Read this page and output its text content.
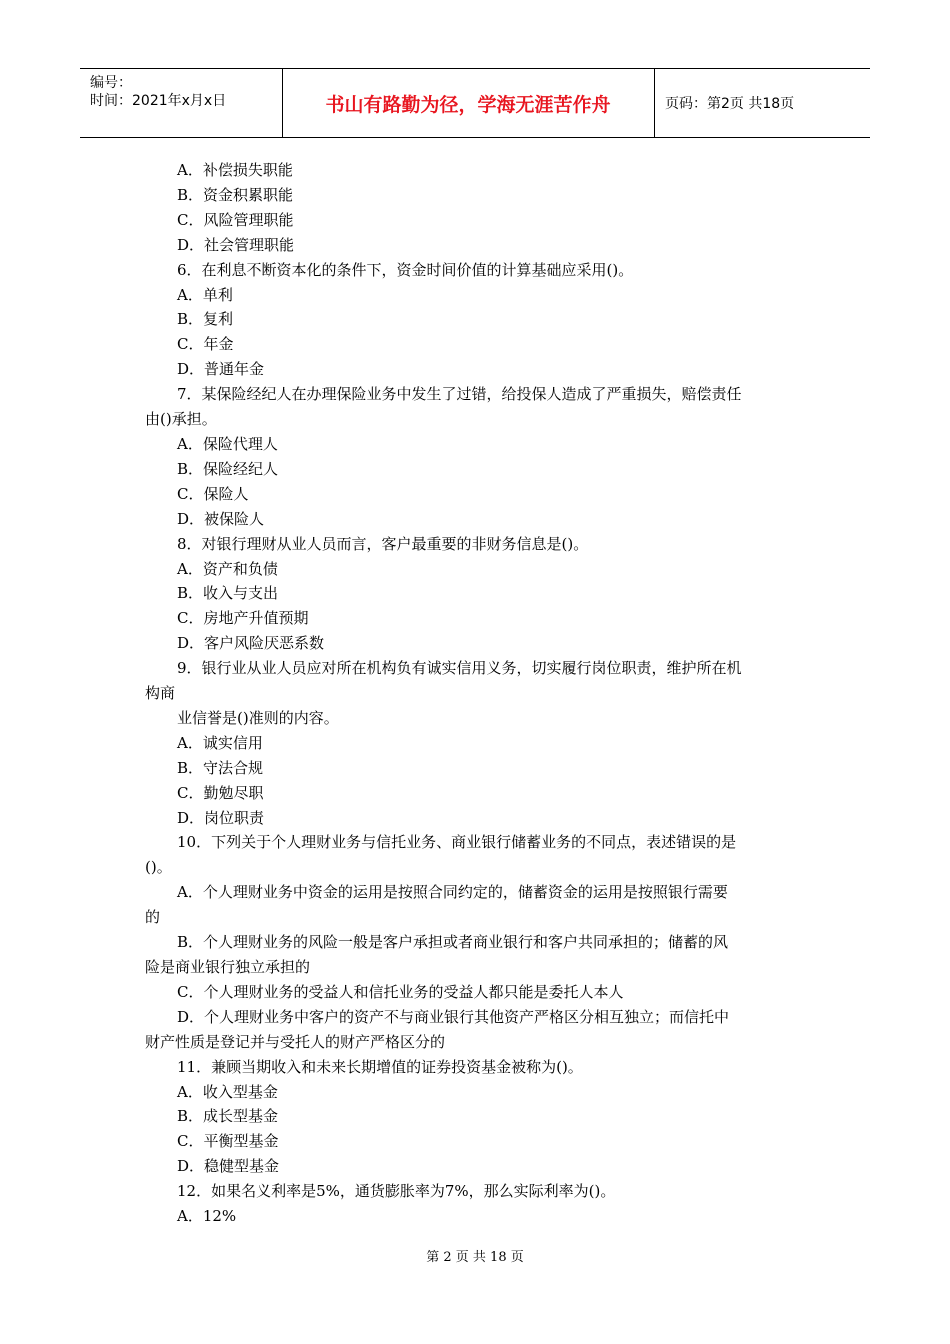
编号：
时间：2021年x月x日	书山有路勤为径，学海无涯苦作舟	页码：第2页 共18页
A．补偿损失职能
B．资金积累职能
C．风险管理职能
D．社会管理职能
6．在利息不断资本化的条件下，资金时间价值的计算基础应采用()。
A．单利
B．复利
C．年金
D．普通年金
7．某保险经纪人在办理保险业务中发生了过错，给投保人造成了严重损失，赔偿责任
由()承担。
A．保险代理人
B．保险经纪人
C．保险人
D．被保险人
8．对银行理财从业人员而言，客户最重要的非财务信息是()。
A．资产和负债
B．收入与支出
C．房地产升值预期
D．客户风险厌恶系数
9．银行业从业人员应对所在机构负有诚实信用义务，切实履行岗位职责，维护所在机
构商
业信誉是()准则的内容。
A．诚实信用
B．守法合规
C．勤勉尽职
D．岗位职责
10．下列关于个人理财业务与信托业务、商业银行储蓄业务的不同点，表述错误的是
()。
A．个人理财业务中资金的运用是按照合同约定的，储蓄资金的运用是按照银行需要
的
B．个人理财业务的风险一般是客户承担或者商业银行和客户共同承担的；储蓄的风
险是商业银行独立承担的
C．个人理财业务的受益人和信托业务的受益人都只能是委托人本人
D．个人理财业务中客户的资产不与商业银行其他资产严格区分相互独立；而信托中
财产性质是登记并与受托人的财产严格区分的
11．兼顾当期收入和未来长期增值的证券投资基金被称为()。
A．收入型基金
B．成长型基金
C．平衡型基金
D．稳健型基金
12．如果名义利率是5%，通货膨胀率为7%，那么实际利率为()。
A．12%
第 2 页 共 18 页
